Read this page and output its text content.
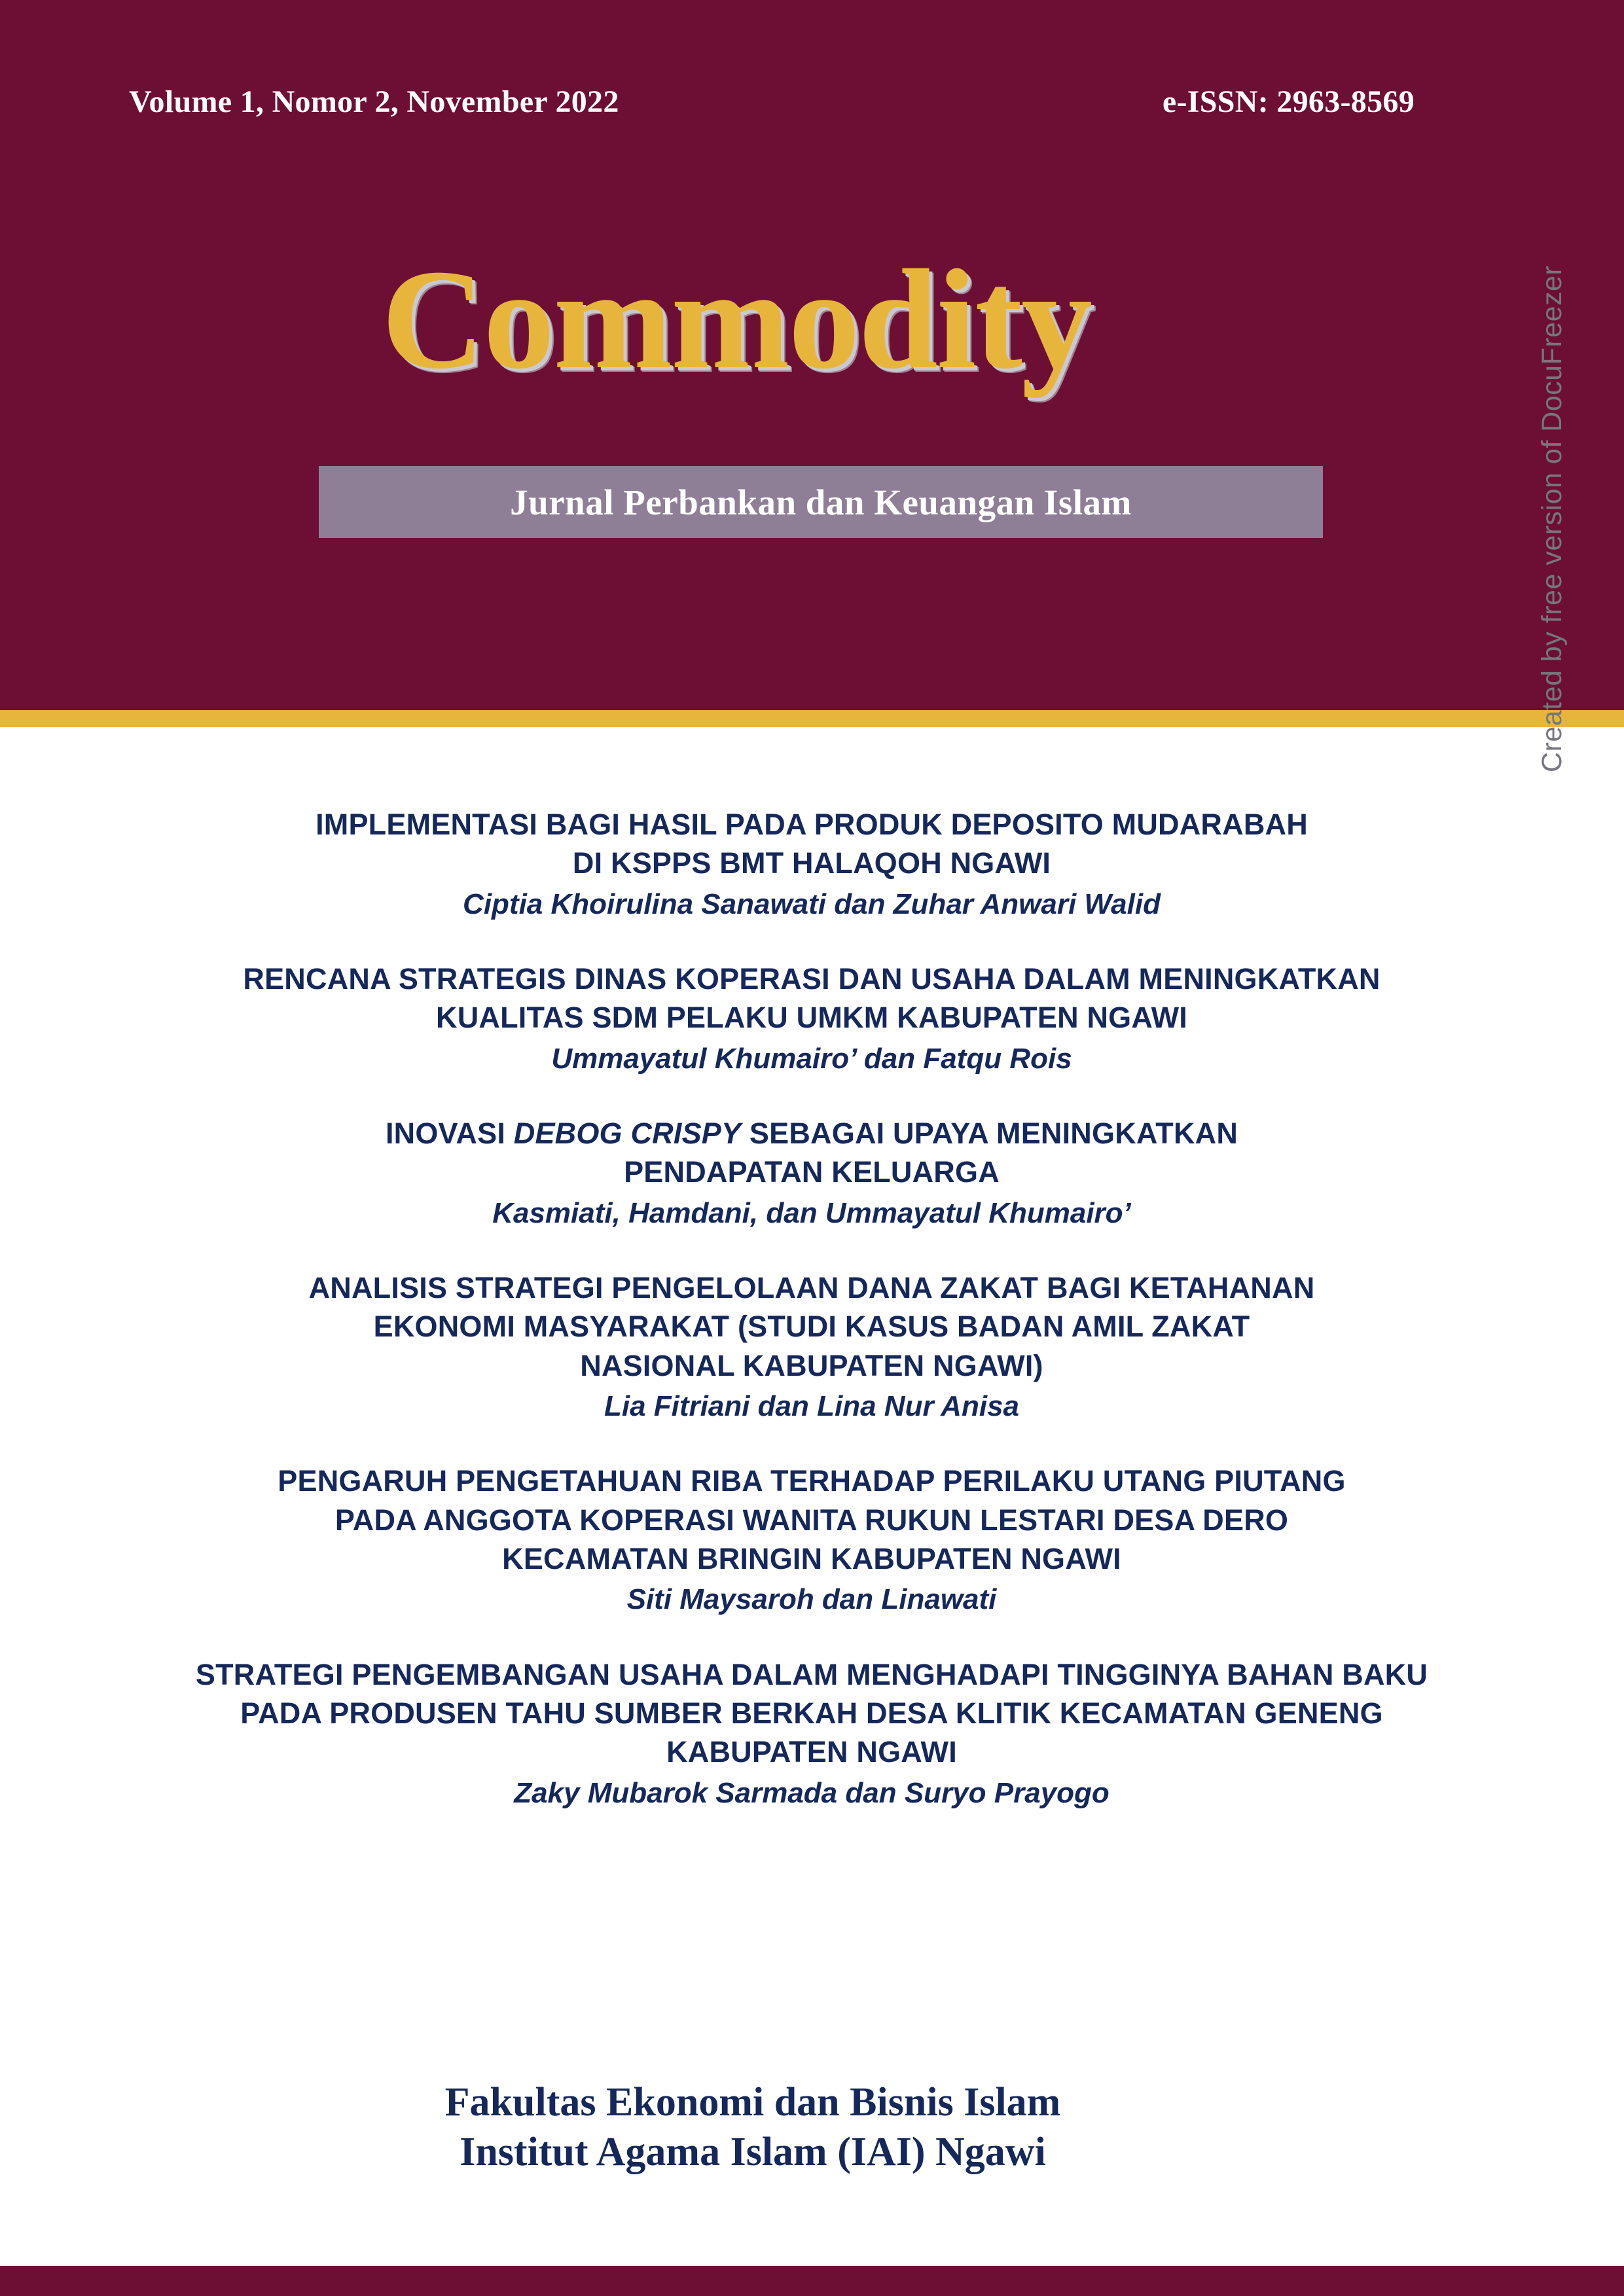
Volume 1, Nomor 2, November 2022	e-ISSN: 2963-8569
Commodity
Jurnal Perbankan dan Keuangan Islam	Created by free version of DocuFreezer
IMPLEMENTASI BAGI HASIL PADA PRODUK DEPOSITO MUDARABAH
DI KSPPS BMT HALAQOH NGAWI
Ciptia Khoirulina Sanawati dan Zuhar Anwari Walid
RENCANA STRATEGIS DINAS KOPERASI DAN USAHA DALAM MENINGKATKAN
KUALITAS SDM PELAKU UMKM KABUPATEN NGAWI
Ummayatul Khumairo’ dan Fatqu Rois
INOVASI DEBOG CRISPY SEBAGAI UPAYA MENINGKATKAN
PENDAPATAN KELUARGA
Kasmiati, Hamdani, dan Ummayatul Khumairo’
ANALISIS STRATEGI PENGELOLAAN DANA ZAKAT BAGI KETAHANAN
EKONOMI MASYARAKAT (STUDI KASUS BADAN AMIL ZAKAT
NASIONAL KABUPATEN NGAWI)
Lia Fitriani dan Lina Nur Anisa
PENGARUH PENGETAHUAN RIBA TERHADAP PERILAKU UTANG PIUTANG
PADA ANGGOTA KOPERASI WANITA RUKUN LESTARI DESA DERO
KECAMATAN BRINGIN KABUPATEN NGAWI
Siti Maysaroh dan Linawati
STRATEGI PENGEMBANGAN USAHA DALAM MENGHADAPI TINGGINYA BAHAN BAKU
PADA PRODUSEN TAHU SUMBER BERKAH DESA KLITIK KECAMATAN GENENG
KABUPATEN NGAWI
Zaky Mubarok Sarmada dan Suryo Prayogo
Fakultas Ekonomi dan Bisnis Islam
Institut Agama Islam (IAI) Ngawi
